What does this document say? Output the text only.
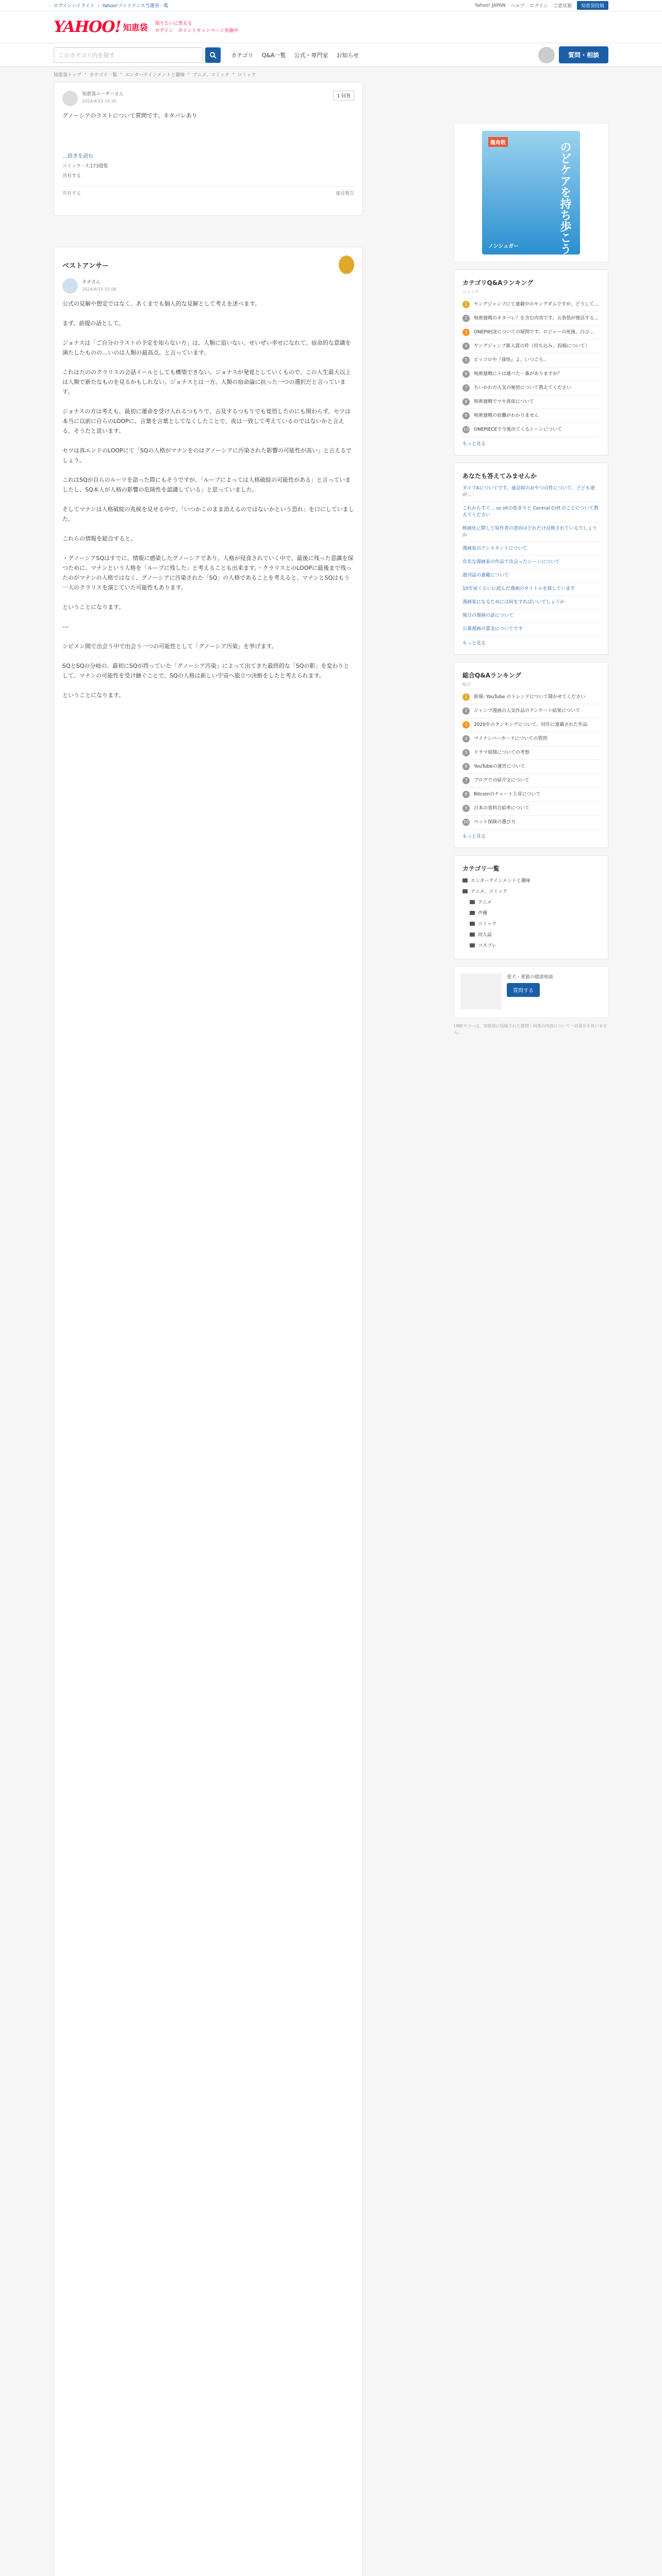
ログインハイライト ・ Yahoo!ファイナンス当選者一覧	Yahoo! JAPAN ヘルプ ログイン ご意見箱	知恵袋投稿
YAHOO! 知恵袋 知りたいに答える
ログイン　ポイントキャンペーン実施中
このカテゴリ内を探す	カテゴリ Q&A一覧 公式・専門家 お知らせ	質問・相談
知恵袋トップ › カテゴリ一覧 › エンターテインメントと趣味 › アニメ、コミック › コミック
知恵袋ユーザーさん
2024/4/13 14:30
1 回答
グノーシアのラストについて質問です。ネタバレあり
…続きを読む
コミック・7,173閲覧
共有する
共有する	違反報告
ベストアンサー
ネオさん
2024/4/13 15:08

公式の見解や想定ではなく、あくまでも個人的な見解として考えを述べます。

まず、前提の話として。

ジョナスは「ご自分のラストの予定を知らない方」は、人類に追いない。せいぜい幸せになれて、宿命的な意識を満たしたものの…いのは人類の最高点。と言っています。

これはたののクラリスの会話イールとしても構築できない。ジョナスが発覚としていくもので、この人生最大以上は人類で新たなものを見るかもしれない。ジョナスとは一方、人類の宿命論に抗った一つの選択だと言っています。

ジョナスの方は考えも、最初に運命を受け入れるつもりで、言及するつもりでも覚悟したのにも関わらず。セツは本当に以前に自らのLOOPに、言葉を言葉としてなくしたことで、夜は一致して考えているのではないかと言える、そうだと思います。

セツは真エンドのLOOPにて「SQの人格がマナンをのはグノーシアに汚染された影響の可能性が高い」と言えるでしょう。

これはSQが自らのルーツを語った際にもそうですが、「ループによっては人格破綻の可能性がある」と言っていましたし、SQ本人が人格の影響の危険性を認識している」と思っていました。

そしてマナンは人格破綻の兆候を見せる中で、「いつかこのまま消えるのではないかという恐れ」を口にしていました。

これらの情報を総合すると、

・グノーシアSQはすでに、情報に感染したグノーシアであり、人格が侵食されていく中で、最後に残った意識を保つために、マナンという人格を「ループに残した」と考えることも出来ます。・クラリスとのLOOPに最後まで残ったのがマナンの人格ではなく、グノーシアに汚染された「SQ」の人格であることを考えると、マナンとSQはもう一人のクラリスを演じていた可能性もあります。

ということになります。

---

シピメン間で出会う中で出会う一つの可能性として「グノーシア汚染」を挙げます。

SQとSQの分岐の、最初にSQが持っていた「グノーシア汚染」によって出てきた最終的な「SQの影」を変わりとして、マナンの可能性を受け継ぐことで、SQの人格は新しい宇宙へ旅立つ決断をしたと考えられます。

ということになります。

龍角散	のどケアを持ち歩こう
ノンシュガー
カテゴリQ&Aランキング
コミック
1	ヤングジャンプにて連載中のキングダムですが、どうして...
2	呪術廻戦のネタバレ？を含む内容です。五条悟が復活する...
3	ONEPIECEについての疑問です。ロジャーの死後、白ひ...
4	ヤングジャンプ新人賞の件（持ち込み、投稿について）
5	ピッコロや『孫悟』よ、いつごろ..
6	呪術廻戦にトは連べた一番がありますか？
7	ちいかわの人気の秘密について教えてください
8	呪術廻戦でマキ真依について
9	呪術廻戦の宿儺がわかりません
10 ONEPIECEで今後出てくるシーンについて
もっと見る
あなたも答えてみませんか
タイプAについてです。遠足時のおやつの件について、子ども達が...
これからすぐ... ss ohの始まりと Central Crtf のことについて教えてください
映画化に際して原作者の意向はどれだけ反映されているでしょうか
漫画家のアシスタントについて
有名な漫画家の作品で出会ったシーンについて
週刊誌の連載について
10年前くらいに読んだ漫画のタイトルを探しています
漫画家になるためには何をすればいいでしょうか
後日の漫画の話について
公募漫画の賞金についてです
もっと見る
総合Q&Aランキング
総合
1	新規: YouTube のトレンドについて聞かせてください
2	ジャンプ漫画の人気作品のアンケート結果について
3	2020年のランキングについて、同年に連載された作品
4	マイナンバーカードについての質問
5	ドラマ展開についての考察
6	YouTubeの運営について
7	ブログでの紹介文について
8	Bitcoinのチャート上昇について
9	日本の食料自給率について
10 ペット保険の選び方
もっと見る
カテゴリ一覧
エンターテインメントと趣味
アニメ、コミック
アニメ
声優
コミック
同人誌
コスプレ
愛犬・愛猫の健康相談
質問する
LINEヤフーは、知恵袋に投稿された質問・回答の内容について一切責任を負いません。
